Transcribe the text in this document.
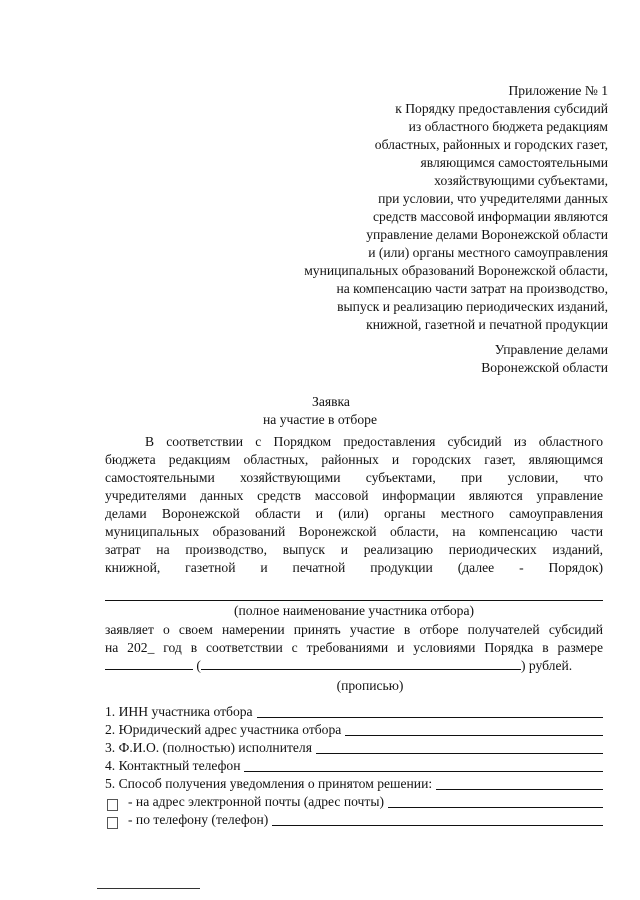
Приложение № 1
к Порядку предоставления субсидий
из областного бюджета редакциям
областных, районных и городских газет,
являющимся самостоятельными
хозяйствующими субъектами,
при условии, что учредителями данных
средств массовой информации являются
управление делами Воронежской области
и (или) органы местного самоуправления
муниципальных образований Воронежской области,
на компенсацию части затрат на производство,
выпуск и реализацию периодических изданий,
книжной, газетной и печатной продукции
Управление делами
Воронежской области
Заявка
на участие в отборе
В соответствии с Порядком предоставления субсидий из областного
бюджета редакциям областных, районных и городских газет, являющимся
самостоятельными хозяйствующими субъектами, при условии, что
учредителями данных средств массовой информации являются управление
делами Воронежской области и (или) органы местного самоуправления
муниципальных образований Воронежской области, на компенсацию части
затрат на производство, выпуск и реализацию периодических изданий,
книжной, газетной и печатной продукции (далее - Порядок)
(полное наименование участника отбора)
заявляет о своем намерении принять участие в отборе получателей субсидий
на 202_ год в соответствии с требованиями и условиями Порядка в размере
(	) рублей.
(прописью)
1. ИНН участника отбора
2. Юридический адрес участника отбора
3. Ф.И.О. (полностью) исполнителя
4. Контактный телефон
5. Способ получения уведомления о принятом решении:
- на адрес электронной почты (адрес почты)
- по телефону (телефон)
